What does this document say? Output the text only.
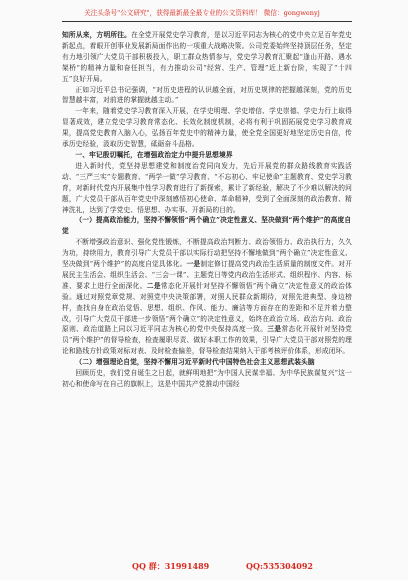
关注头条号"公文研究"，获得最新最全最专业的公文资料库！ 微信：gongwenyj

知所从来，方明所往。在全党开展党史学习教育，是以习近平同志为核心的党中央立足百年党史新起点，着眼开创事业发展新局面作出的一项重大战略决策。公司党委始终坚持顶层任务，坚定有力地引领广大党员干部积极投入，职工群众热情参与，党史学习教育汇聚起“逢山开路、遇水架桥”的精神力量和奋任担当，有力推动公司“经营、生产、管理”近上新台阶，实现了“十四五”良好开局。

正如习近平总书记强调，“对历史进程的认识越全面，对历史规律的把握越深刻，党的历史智慧越丰富，对前进的掌握就越主动。”

一年来，随着党史学习教育深入开展，在学史明理、学史增信、学史崇德、学史力行上取得显著成效，建立党史学习教育常态化、长效化制度机制，必将有利于巩固拓展党史学习教育成果，提高党史教育入脑入心，弘扬百年党史中的精神力量，使全党全国更好地坚定历史自信，传承历史经验，汲取历史智慧，砥砺奋斗品格。

一、牢记殷切嘱托，在增强政治定力中提升思想境界

进入新时代，党坚持思想建党和制度治党同向发力，先后开展党的群众路线教育实践活动、“三严三实”专题教育、“两学一做”学习教育、“不忘初心、牢记使命”主题教育、党史学习教育，对新时代党内开展集中性学习教育进行了新探索，累计了新经验，解决了不少难以解决的问题，广大党员干部从百年党史中深刻感悟初心使命、革命精神，受到了全面深刻的政治教育、精神洗礼，达到了学党史、悟思想、办实事、开新局的目的。

（一）提高政治能力，坚持不懈领悟“两个确立”决定性意义、坚决做到“两个维护”的高度自觉

不断增强政治意识、强化党性锻炼，不断提高政治判断力、政治领悟力、政治执行力，久久为功，持续用力，教育引导广大党员干部以实际行动把坚持不懈地做到“两个确立”决定性意义、坚决做到“两个维护”的高度自觉具体化。一是制定修订提高党内政治生活质量的制度文件。对开展民主生活会、组织生活会、“三会一课”、主题党日等党内政治生活形式、组织程序、内容、标准、要求上进行全面深化。二是常态化开展针对坚持不懈领悟“两个确立”决定性意义的政治体验。通过对照党章党规、对照党中央决策部署，对照人民群众新期待，对照先进典型、身边榜样，查找自身在政治觉悟、思想、组织、作风、能力、廉洁等方面存在的差距和不足并着力整改，引导广大党员干部进一步领悟“两个确立”的决定性意义，始终在政治立场、政治方向、政治原则、政治道路上同以习近平同志为核心的党中央保持高度一致。三是常态化开展针对坚持党员“两个维护”的督导检查，检查履职尽责、做好本职工作的效果，引导广大党员干部对照党的理论和路线方针政策对标对表、及时检查偏差，督导检查结果纳入干部考核评价体系，形成闭环。

（二）增强理论自觉，坚持不懈用习近平新时代中国特色社会主义思想武装头脑

回顾历史，我们党自诞生之日起，就鲜明地把“为中国人民谋幸福、为中华民族谋复兴”这一初心和使命写在自己的旗帜上，这是中国共产党推动中国经

QQ 群：31991489	QQ:535304092
